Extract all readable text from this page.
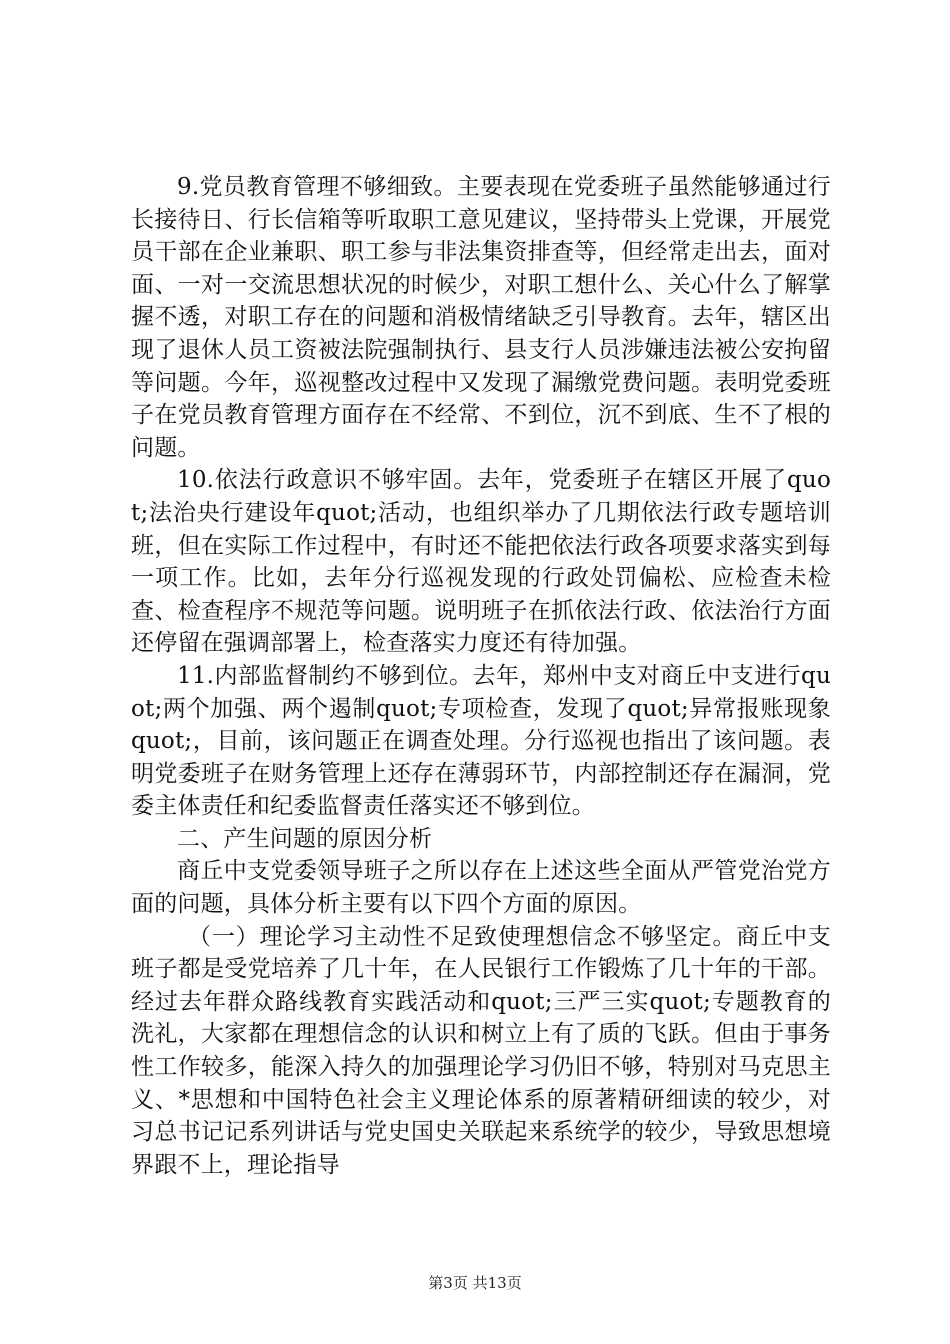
9.党员教育管理不够细致。主要表现在党委班子虽然能够通过行长接待日、行长信箱等听取职工意见建议，坚持带头上党课，开展党员干部在企业兼职、职工参与非法集资排查等，但经常走出去，面对面、一对一交流思想状况的时候少，对职工想什么、关心什么了解掌握不透，对职工存在的问题和消极情绪缺乏引导教育。去年，辖区出现了退休人员工资被法院强制执行、县支行人员涉嫌违法被公安拘留等问题。今年，巡视整改过程中又发现了漏缴党费问题。表明党委班子在党员教育管理方面存在不经常、不到位，沉不到底、生不了根的问题。

10.依法行政意识不够牢固。去年，党委班子在辖区开展了quot;法治央行建设年quot;活动，也组织举办了几期依法行政专题培训班，但在实际工作过程中，有时还不能把依法行政各项要求落实到每一项工作。比如，去年分行巡视发现的行政处罚偏松、应检查未检查、检查程序不规范等问题。说明班子在抓依法行政、依法治行方面还停留在强调部署上，检查落实力度还有待加强。

11.内部监督制约不够到位。去年，郑州中支对商丘中支进行quot;两个加强、两个遏制quot;专项检查，发现了quot;异常报账现象quot;，目前，该问题正在调查处理。分行巡视也指出了该问题。表明党委班子在财务管理上还存在薄弱环节，内部控制还存在漏洞，党委主体责任和纪委监督责任落实还不够到位。

二、产生问题的原因分析

商丘中支党委领导班子之所以存在上述这些全面从严管党治党方面的问题，具体分析主要有以下四个方面的原因。

（一）理论学习主动性不足致使理想信念不够坚定。商丘中支班子都是受党培养了几十年，在人民银行工作锻炼了几十年的干部。经过去年群众路线教育实践活动和quot;三严三实quot;专题教育的洗礼，大家都在理想信念的认识和树立上有了质的飞跃。但由于事务性工作较多，能深入持久的加强理论学习仍旧不够，特别对马克思主义、*思想和中国特色社会主义理论体系的原著精研细读的较少，对习总书记记系列讲话与党史国史关联起来系统学的较少，导致思想境界跟不上，理论指导

第3页 共13页
